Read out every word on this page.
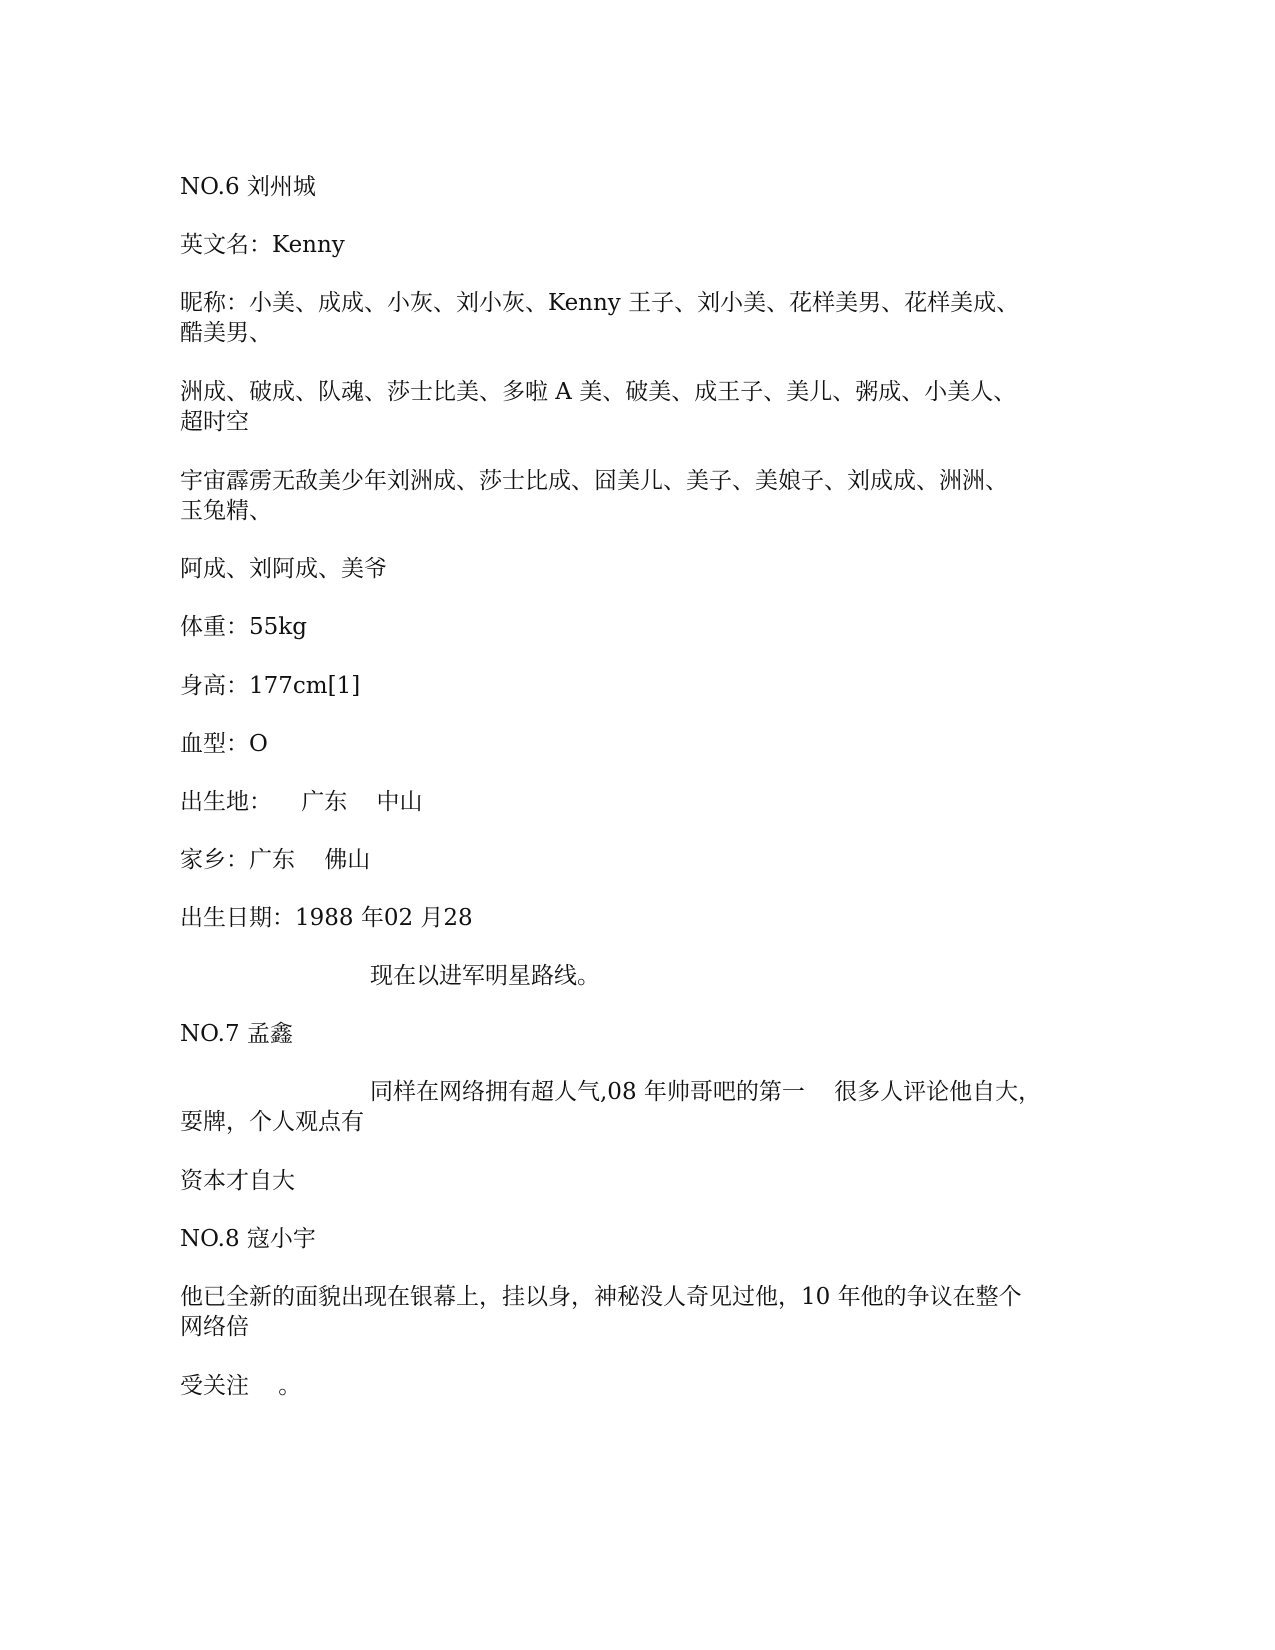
NO.6 刘州城
英文名：Kenny
昵称：小美、成成、小灰、刘小灰、Kenny 王子、刘小美、花样美男、花样美成、
酷美男、
洲成、破成、队魂、莎士比美、多啦 A 美、破美、成王子、美儿、粥成、小美人、
超时空
宇宙霹雳无敌美少年刘洲成、莎士比成、囧美儿、美子、美娘子、刘成成、洲洲、
玉兔精、
阿成、刘阿成、美爷
体重：55kg
身高：177cm[1]
血型：O
出生地：    广东    中山
家乡：广东    佛山
出生日期：1988 年02 月28
现在以进军明星路线。
NO.7 孟鑫
同样在网络拥有超人气,08 年帅哥吧的第一    很多人评论他自大，
耍牌，个人观点有
资本才自大
NO.8 寇小宇
他已全新的面貌出现在银幕上，挂以身，神秘没人奇见过他，10 年他的争议在整个
网络倍
受关注    。
